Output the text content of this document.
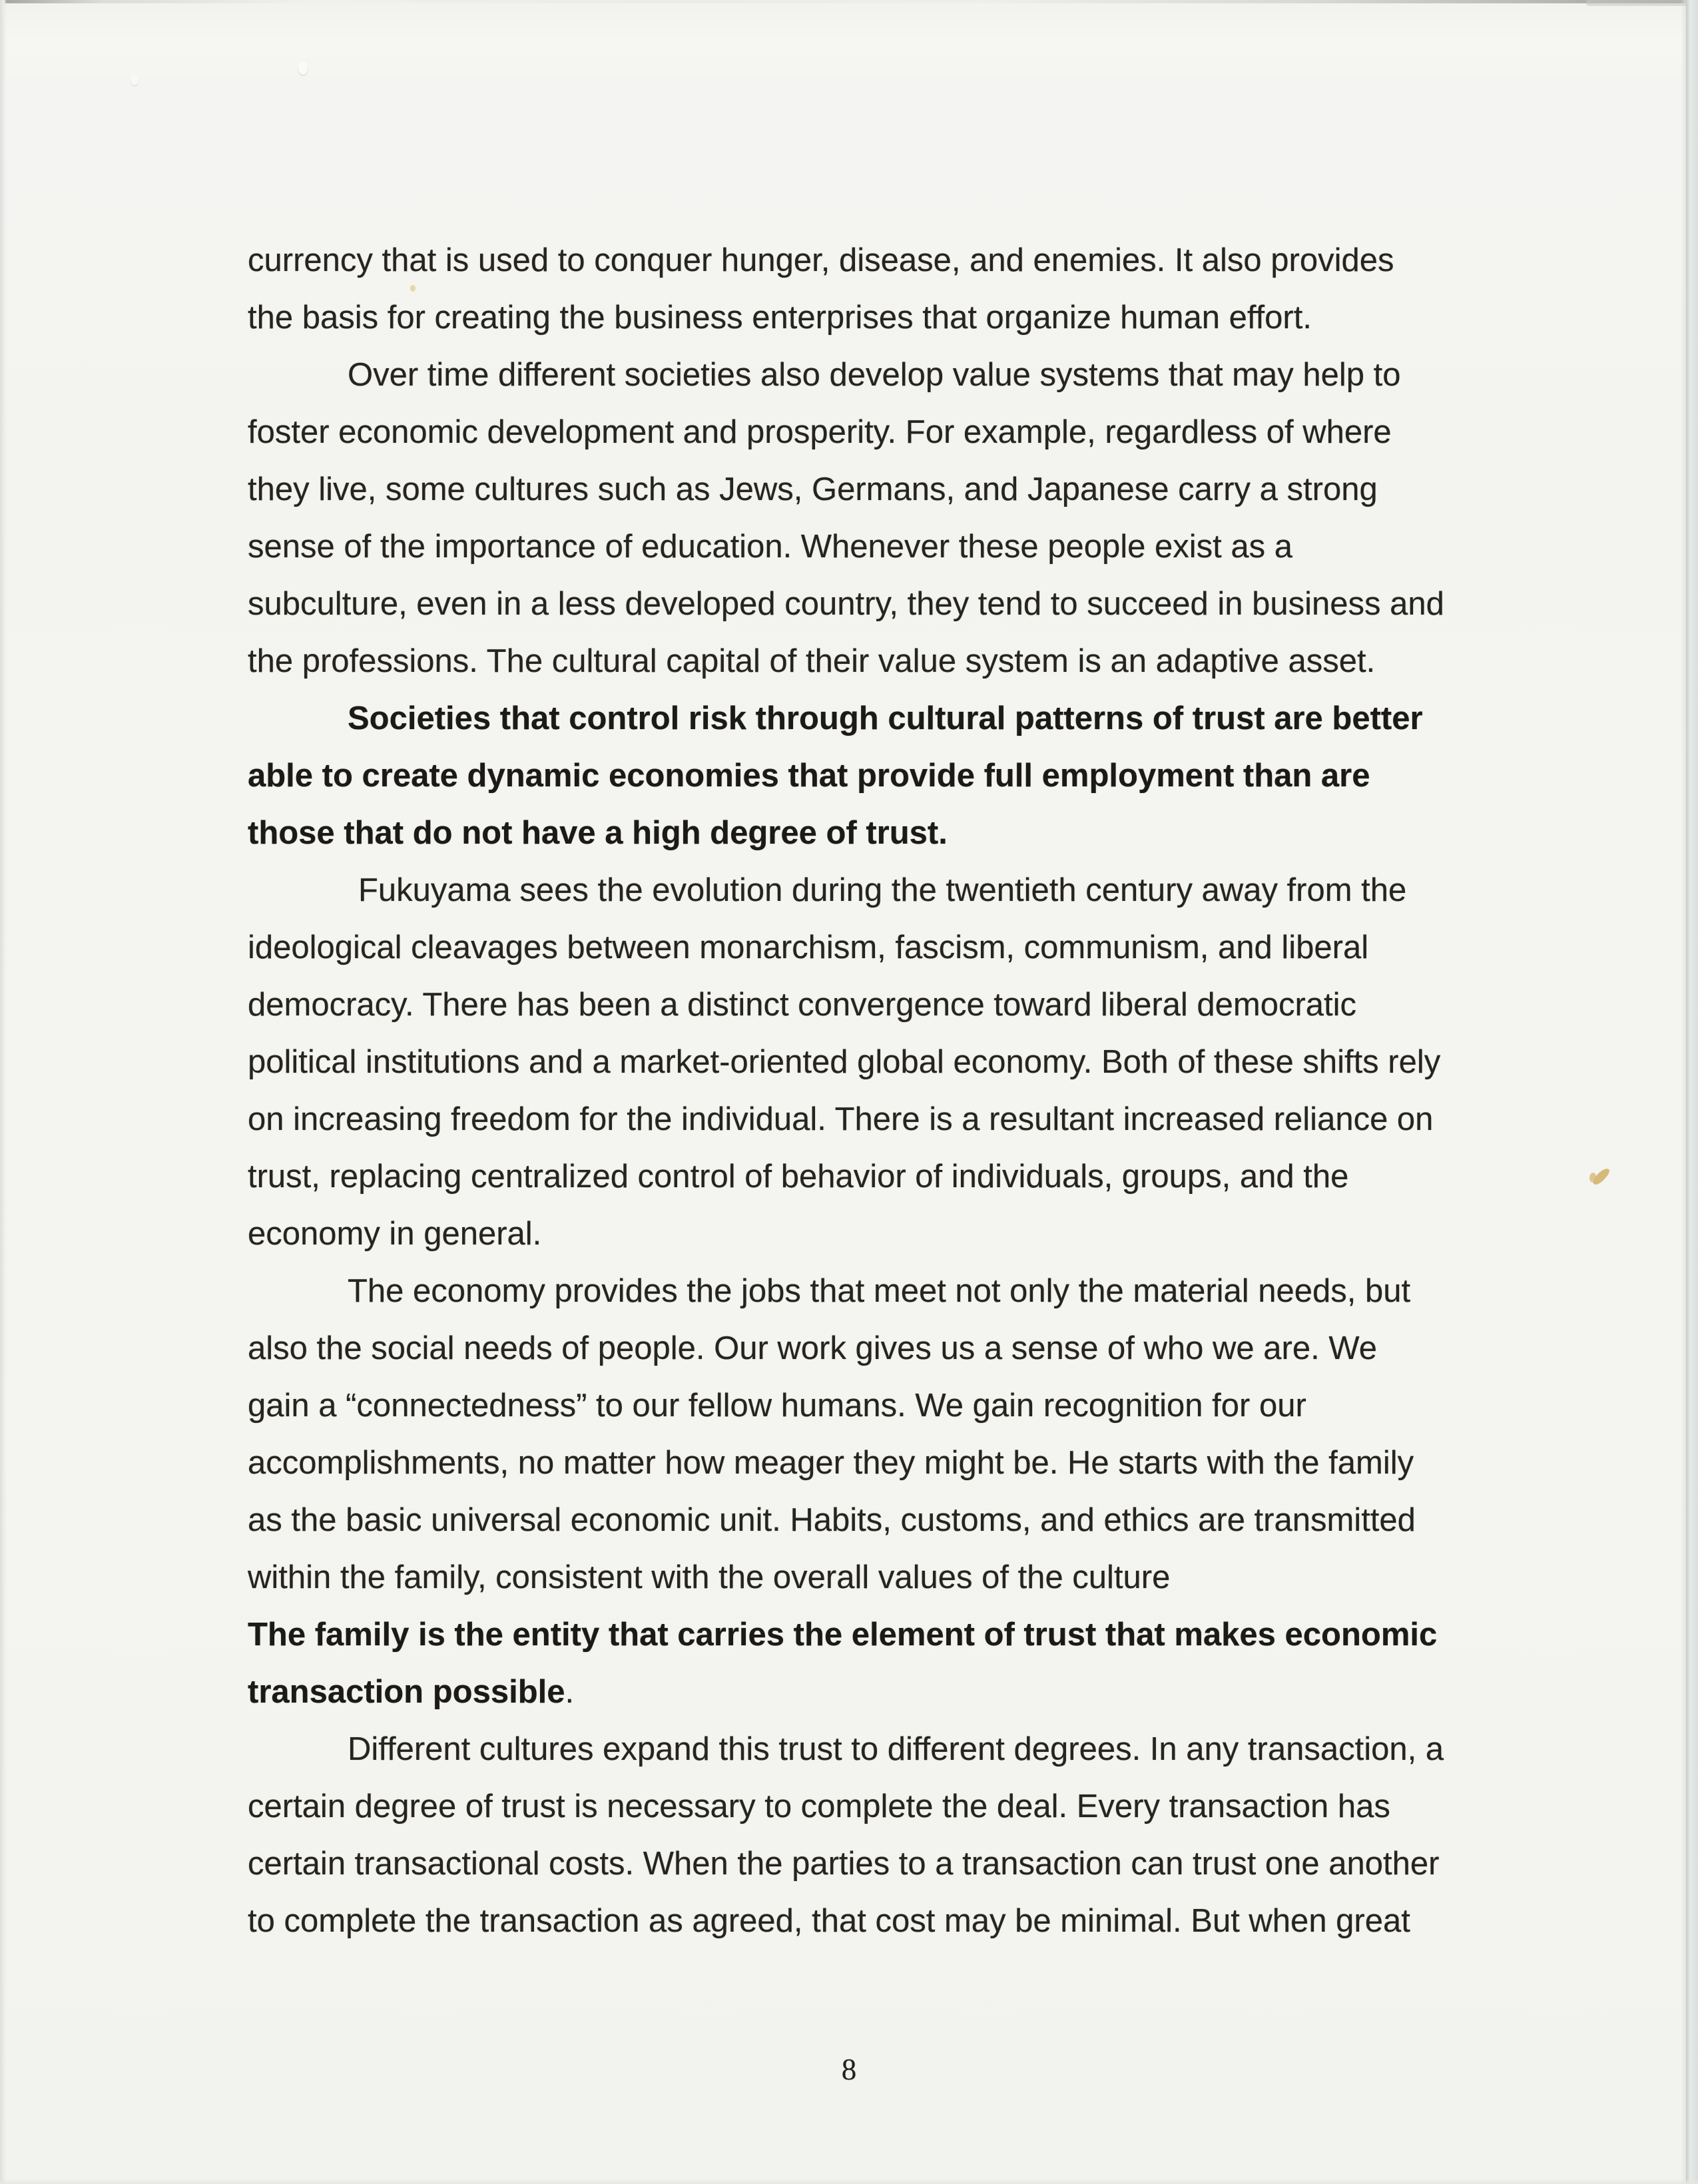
currency that is used to conquer hunger, disease, and enemies. It also provides
the basis for creating the business enterprises that organize human effort.

Over time different societies also develop value systems that may help to
foster economic development and prosperity. For example, regardless of where
they live, some cultures such as Jews, Germans, and Japanese carry a strong
sense of the importance of education. Whenever these people exist as a
subculture, even in a less developed country, they tend to succeed in business and
the professions. The cultural capital of their value system is an adaptive asset.

Societies that control risk through cultural patterns of trust are better
able to create dynamic economies that provide full employment than are
those that do not have a high degree of trust.

Fukuyama sees the evolution during the twentieth century away from the
ideological cleavages between monarchism, fascism, communism, and liberal
democracy. There has been a distinct convergence toward liberal democratic
political institutions and a market-oriented global economy. Both of these shifts rely
on increasing freedom for the individual. There is a resultant increased reliance on
trust, replacing centralized control of behavior of individuals, groups, and the
economy in general.

The economy provides the jobs that meet not only the material needs, but
also the social needs of people. Our work gives us a sense of who we are. We
gain a “connectedness” to our fellow humans. We gain recognition for our
accomplishments, no matter how meager they might be. He starts with the family
as the basic universal economic unit. Habits, customs, and ethics are transmitted
within the family, consistent with the overall values of the culture

The family is the entity that carries the element of trust that makes economic
transaction possible.

Different cultures expand this trust to different degrees. In any transaction, a
certain degree of trust is necessary to complete the deal. Every transaction has
certain transactional costs. When the parties to a transaction can trust one another
to complete the transaction as agreed, that cost may be minimal. But when great

8
